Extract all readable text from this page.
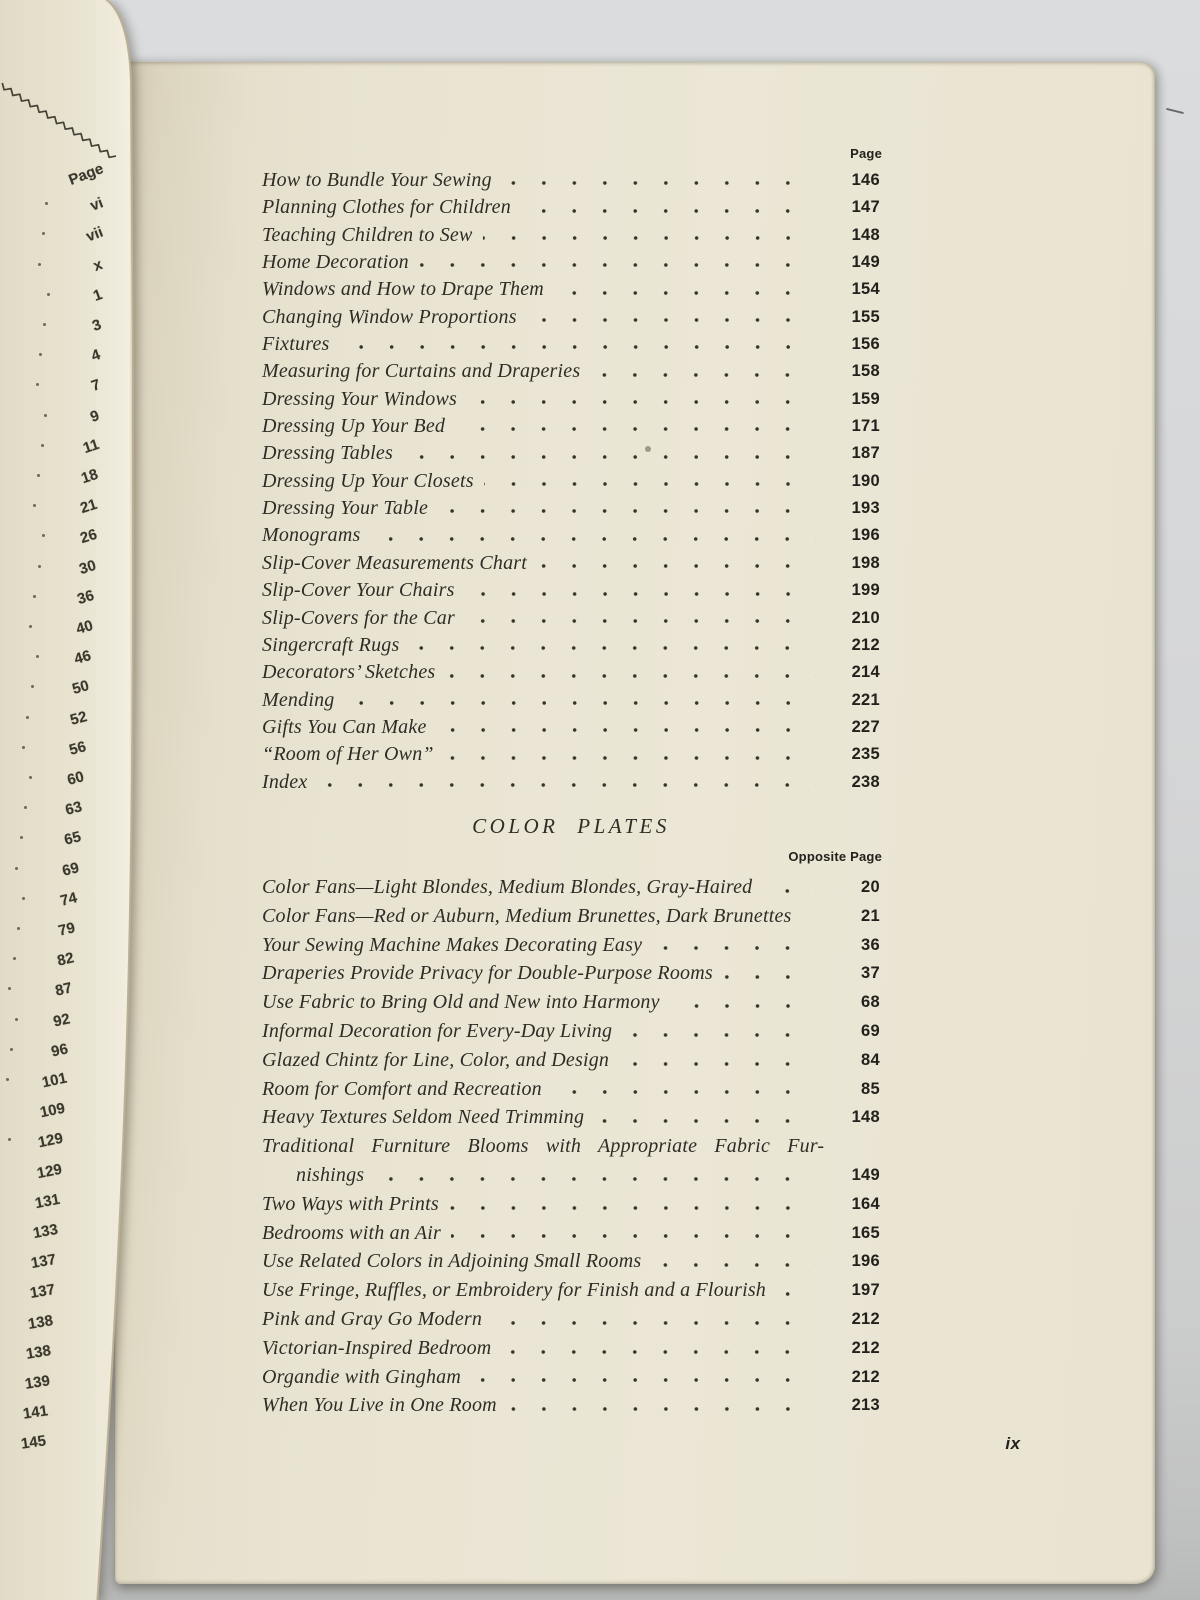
Page
How to Bundle Your Sewing	146
Planning Clothes for Children	147
Teaching Children to Sew	148
Home Decoration	149
Windows and How to Drape Them	154
Changing Window Proportions	155
Fixtures	156
Measuring for Curtains and Draperies	158
Dressing Your Windows	159
Dressing Up Your Bed	171
Dressing Tables	187
Dressing Up Your Closets	190
Dressing Your Table	193
Monograms	196
Slip-Cover Measurements Chart	198
Slip-Cover Your Chairs	199
Slip-Covers for the Car	210
Singercraft Rugs	212
Decorators’ Sketches	214
Mending	221
Gifts You Can Make	227
“Room of Her Own”	235
Index	238
COLOR PLATES
Opposite Page
Color Fans—Light Blondes, Medium Blondes, Gray-Haired	20
Color Fans—Red or Auburn, Medium Brunettes, Dark Brunettes	21
Your Sewing Machine Makes Decorating Easy	36
Draperies Provide Privacy for Double-Purpose Rooms	37
Use Fabric to Bring Old and New into Harmony	68
Informal Decoration for Every-Day Living	69
Glazed Chintz for Line, Color, and Design	84
Room for Comfort and Recreation	85
Heavy Textures Seldom Need Trimming	148
Traditional Furniture Blooms with Appropriate Fabric Fur-
nishings	149
Two Ways with Prints	164
Bedrooms with an Air	165
Use Related Colors in Adjoining Small Rooms	196
Use Fringe, Ruffles, or Embroidery for Finish and a Flourish	197
Pink and Gray Go Modern	212
Victorian-Inspired Bedroom	212
Organdie with Gingham	212
When You Live in One Room	213
ix
Page
vi
vii
x
1
3
4
7
9
11
18
21
26
30
36
40
46
50
52
56
60
63
65
69
74
79
82
87
92
96
101
109
129
129
131
133
137
137
138
138
139
141
145
